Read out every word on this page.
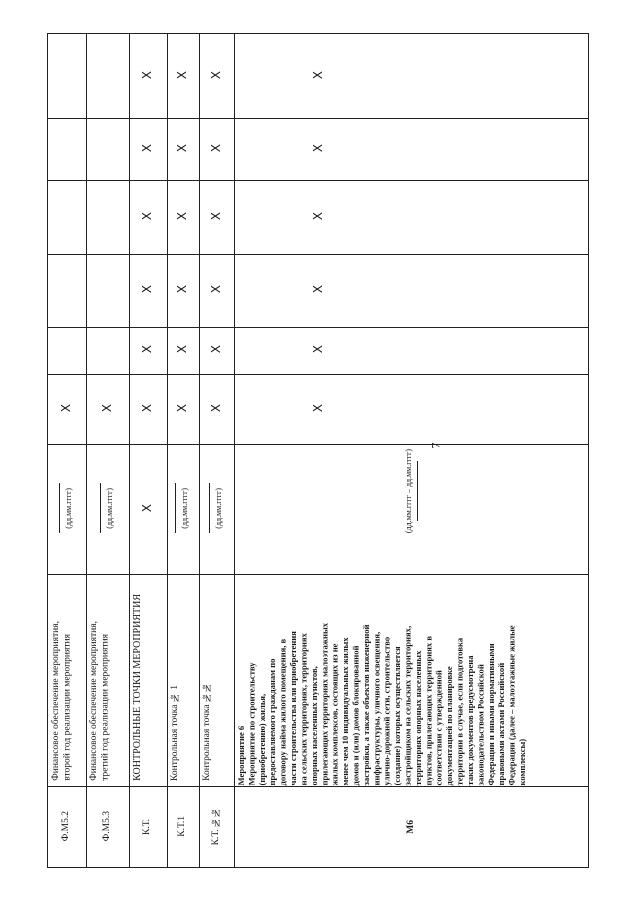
7
Ф.М5.2
Финансовое обеспечение мероприятия,
второй год реализации мероприятия
(дд.мм.гггг)
X
Ф.М5.3
Финансовое обеспечение мероприятия,
третий год реализации мероприятия
(дд.мм.гггг)
X
К.Т.
КОНТРОЛЬНЫЕ ТОЧКИ МЕРОПРИЯТИЯ
X
X
X
X
X
X
X
К.Т.1
Контрольная точка № 1
(дд.мм.гггг)
X
X
X
X
X
X
К.Т. №№
Контрольная точка №№
(дд.мм.гггг)
X
X
X
X
X
X
М6
Мероприятие 6
Мероприятие по строительству
(приобретению) жилья,
предоставляемого гражданам по
договору найма жилого помещения, в
части строительства или приобретения
на сельских территориях, территориях
опорных населенных пунктов,
прилегающих территориях малоэтажных
жилых комплексов, состоящих из не
менее чем 10 индивидуальных жилых
домов и (или) домов блокированной
застройки, а также объектов инженерной
инфраструктуры, уличного освещения,
улично-дорожной сети, строительство
(создание) которых осуществляется
застройщиком на сельских территориях,
территориях опорных населенных
пунктов, прилегающих территориях в
соответствии с утвержденной
документацией по планировке
территории в случае, если подготовка
таких документов предусмотрена
законодательством Российской
Федерации и иными нормативными
правовыми актами Российской
Федерации (далее – малоэтажные жилые
комплексы)
(дд.мм.гггг – дд.мм.гггг)
X
X
X
X
X
X
